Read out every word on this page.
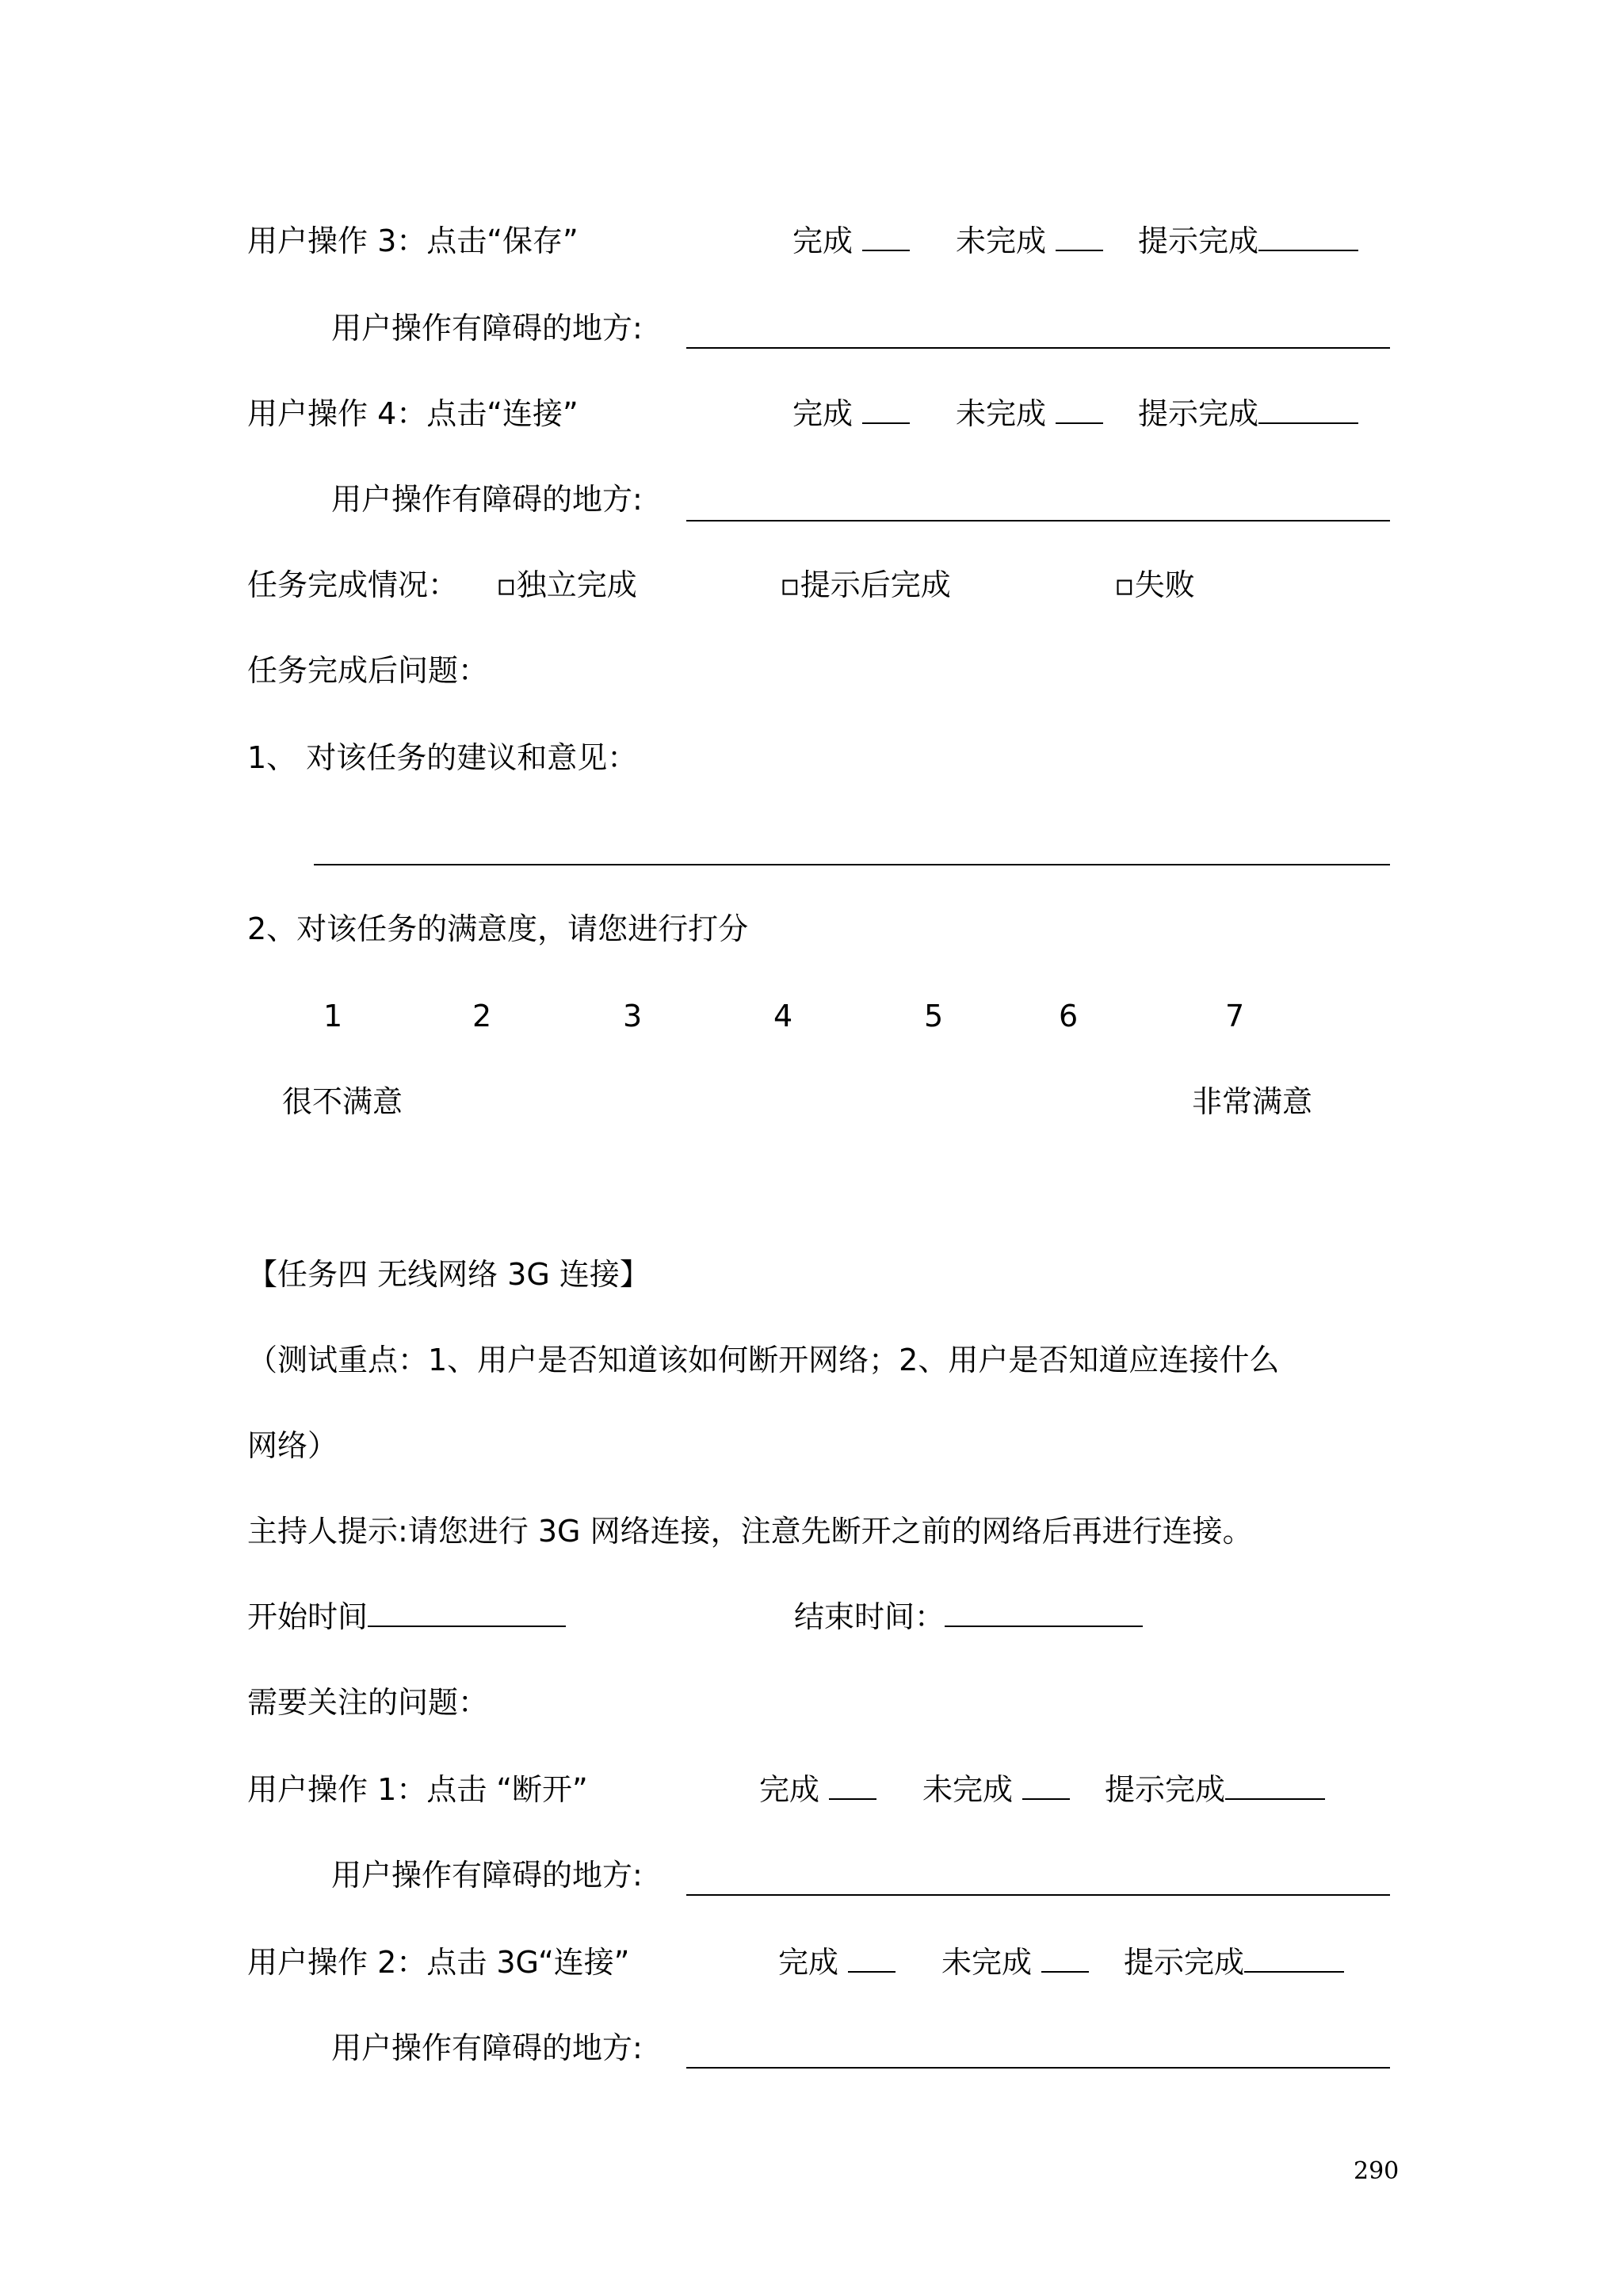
用户操作 3：点击“保存”	完成	未完成	提示完成
用户操作有障碍的地方:
用户操作 4：点击“连接”	完成	未完成	提示完成
用户操作有障碍的地方:
任务完成情况： ▫独立完成	▫提示后完成	▫失败
任务完成后问题：
1、 对该任务的建议和意见：
2、对该任务的满意度，请您进行打分
1	2	3	4	5	6	7
很不满意	非常满意
【任务四 无线网络 3G 连接】
（测试重点：1、用户是否知道该如何断开网络；2、用户是否知道应连接什么
网络）
主持人提示:请您进行 3G 网络连接，注意先断开之前的网络后再进行连接。
开始时间	结束时间：
需要关注的问题：
用户操作 1：点击 “断开”	完成	未完成	提示完成
用户操作有障碍的地方:
用户操作 2：点击 3G“连接”	完成	未完成	提示完成
用户操作有障碍的地方:
290
